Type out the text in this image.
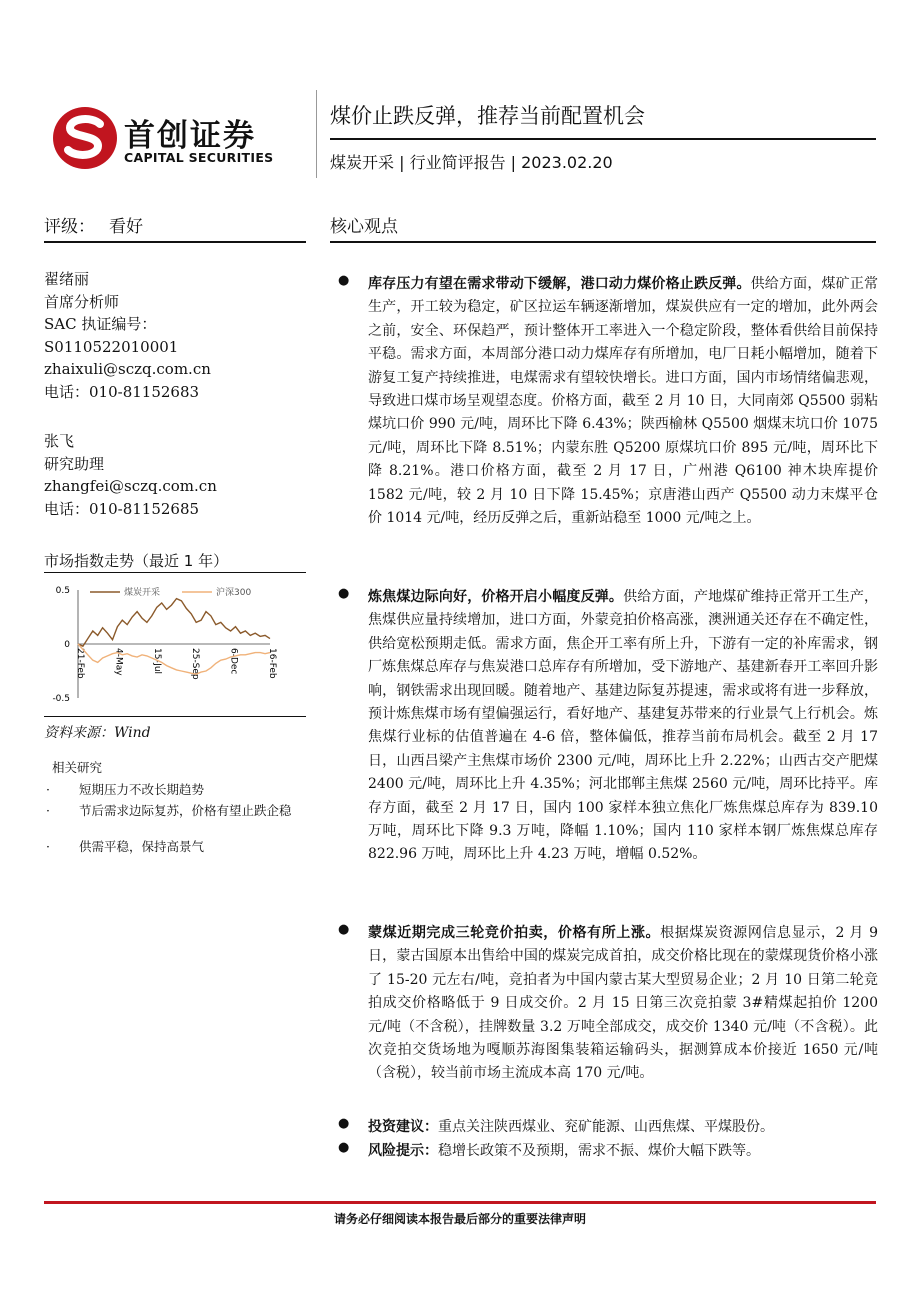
首创证券
CAPITAL SECURITIES
煤价止跌反弹，推荐当前配置机会
煤炭开采 | 行业简评报告 | 2023.02.20
评级： 看好	核心观点
翟绪丽
首席分析师
SAC 执证编号：
S0110522010001
zhaixuli@sczq.com.cn
电话：010-81152683
张飞
研究助理
zhangfei@sczq.com.cn
电话：010-81152685
市场指数走势（最近 1 年）
0.5
0
-0.5
21-Feb	4-May	15-Jul	25-Sep	6-Dec	16-Feb
煤炭开采	沪深300
资料来源：Wind
相关研究
· 短期压力不改长期趋势
· 节后需求边际复苏，价格有望止跌企稳
· 供需平稳，保持高景气
● 库存压力有望在需求带动下缓解，港口动力煤价格止跌反弹。供给方面，煤矿正常生产，开工较为稳定，矿区拉运车辆逐渐增加，煤炭供应有一定的增加，此外两会之前，安全、环保趋严，预计整体开工率进入一个稳定阶段，整体看供给目前保持平稳。需求方面，本周部分港口动力煤库存有所增加，电厂日耗小幅增加，随着下游复工复产持续推进，电煤需求有望较快增长。进口方面，国内市场情绪偏悲观，导致进口煤市场呈观望态度。价格方面，截至 2 月 10 日，大同南郊 Q5500 弱粘煤坑口价 990 元/吨，周环比下降 6.43%；陕西榆林 Q5500 烟煤末坑口价 1075 元/吨，周环比下降 8.51%；内蒙东胜 Q5200 原煤坑口价 895 元/吨，周环比下降 8.21%。港口价格方面，截至 2 月 17 日，广州港 Q6100 神木块库提价 1582 元/吨，较 2 月 10 日下降 15.45%；京唐港山西产 Q5500 动力末煤平仓价 1014 元/吨，经历反弹之后，重新站稳至 1000 元/吨之上。

● 炼焦煤边际向好，价格开启小幅度反弹。供给方面，产地煤矿维持正常开工生产，焦煤供应量持续增加，进口方面，外蒙竞拍价格高涨，澳洲通关还存在不确定性，供给宽松预期走低。需求方面，焦企开工率有所上升，下游有一定的补库需求，钢厂炼焦煤总库存与焦炭港口总库存有所增加，受下游地产、基建新春开工率回升影响，钢铁需求出现回暖。随着地产、基建边际复苏提速，需求或将有进一步释放，预计炼焦煤市场有望偏强运行，看好地产、基建复苏带来的行业景气上行机会。炼焦煤行业标的估值普遍在 4-6 倍，整体偏低，推荐当前布局机会。截至 2 月 17 日，山西吕梁产主焦煤市场价 2300 元/吨，周环比上升 2.22%；山西古交产肥煤 2400 元/吨，周环比上升 4.35%；河北邯郸主焦煤 2560 元/吨，周环比持平。库存方面，截至 2 月 17 日，国内 100 家样本独立焦化厂炼焦煤总库存为 839.10 万吨，周环比下降 9.3 万吨，降幅 1.10%；国内 110 家样本钢厂炼焦煤总库存 822.96 万吨，周环比上升 4.23 万吨，增幅 0.52%。

● 蒙煤近期完成三轮竞价拍卖，价格有所上涨。根据煤炭资源网信息显示，2 月 9 日，蒙古国原本出售给中国的煤炭完成首拍，成交价格比现在的蒙煤现货价格小涨了 15-20 元左右/吨，竞拍者为中国内蒙古某大型贸易企业；2 月 10 日第二轮竞拍成交价格略低于 9 日成交价。2 月 15 日第三次竞拍蒙 3#精煤起拍价 1200 元/吨（不含税），挂牌数量 3.2 万吨全部成交，成交价 1340 元/吨（不含税）。此次竞拍交货场地为嘎顺苏海图集装箱运输码头，据测算成本价接近 1650 元/吨（含税），较当前市场主流成本高 170 元/吨。

● 投资建议：重点关注陕西煤业、兖矿能源、山西焦煤、平煤股份。

● 风险提示：稳增长政策不及预期，需求不振、煤价大幅下跌等。

请务必仔细阅读本报告最后部分的重要法律声明
